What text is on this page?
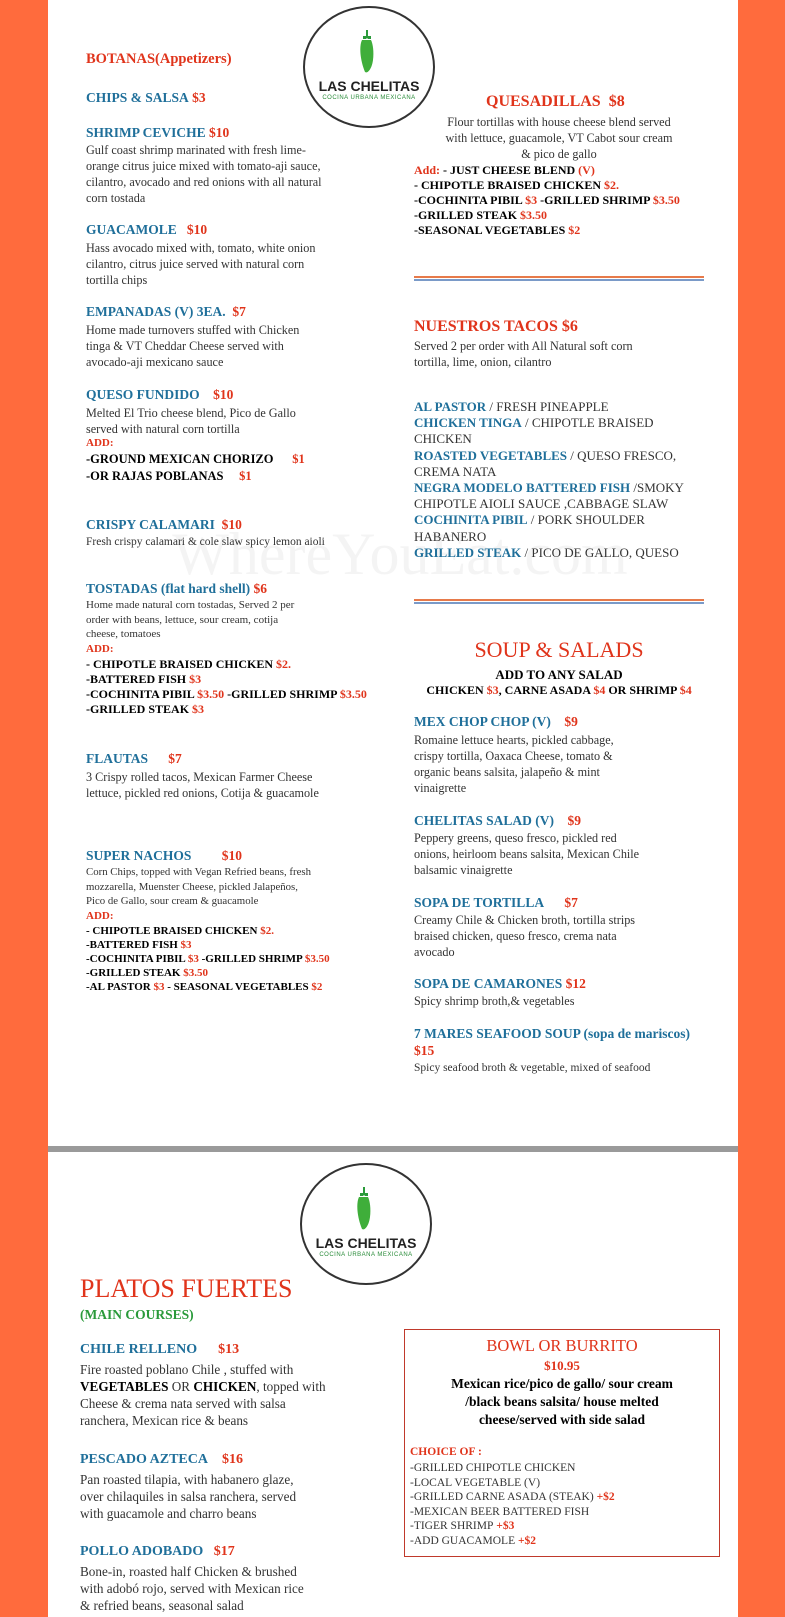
LAS CHELITAS
COCINA URBANA MEXICANA
BOTANAS(Appetizers)
CHIPS & SALSA $3
SHRIMP CEVICHE $10
Gulf coast shrimp marinated with fresh lime-
orange citrus juice mixed with tomato-aji sauce,
cilantro, avocado and red onions with all natural
corn tostada
GUACAMOLE $10
Hass avocado mixed with, tomato, white onion
cilantro, citrus juice served with natural corn
tortilla chips
EMPANADAS (V) 3EA. $7
Home made turnovers stuffed with Chicken
tinga & VT Cheddar Cheese served with
avocado-aji mexicano sauce
QUESO FUNDIDO $10
Melted El Trio cheese blend, Pico de Gallo
served with natural corn tortilla
ADD:
-GROUND MEXICAN CHORIZO $1
-OR RAJAS POBLANAS $1
CRISPY CALAMARI $10
Fresh crispy calamari & cole slaw spicy lemon aioli
TOSTADAS (flat hard shell) $6
Home made natural corn tostadas, Served 2 per
order with beans, lettuce, sour cream, cotija
cheese, tomatoes
ADD:
- CHIPOTLE BRAISED CHICKEN $2.
-BATTERED FISH $3
-COCHINITA PIBIL $3.50 -GRILLED SHRIMP $3.50
-GRILLED STEAK $3
FLAUTAS $7
3 Crispy rolled tacos, Mexican Farmer Cheese
lettuce, pickled red onions, Cotija & guacamole
SUPER NACHOS $10
Corn Chips, topped with Vegan Refried beans, fresh
mozzarella, Muenster Cheese, pickled Jalapeños,
Pico de Gallo, sour cream & guacamole
ADD:
- CHIPOTLE BRAISED CHICKEN $2.
-BATTERED FISH $3
-COCHINITA PIBIL $3 -GRILLED SHRIMP $3.50
-GRILLED STEAK $3.50
-AL PASTOR $3 - SEASONAL VEGETABLES $2
QUESADILLAS $8
Flour tortillas with house cheese blend served
with lettuce, guacamole, VT Cabot sour cream
& pico de gallo
Add: - JUST CHEESE BLEND (V)
- CHIPOTLE BRAISED CHICKEN $2.
-COCHINITA PIBIL $3 -GRILLED SHRIMP $3.50
-GRILLED STEAK $3.50
-SEASONAL VEGETABLES $2
NUESTROS TACOS $6
Served 2 per order with All Natural soft corn
tortilla, lime, onion, cilantro
AL PASTOR / FRESH PINEAPPLE
CHICKEN TINGA / CHIPOTLE BRAISED
CHICKEN
ROASTED VEGETABLES / QUESO FRESCO,
CREMA NATA
NEGRA MODELO BATTERED FISH /SMOKY
CHIPOTLE AIOLI SAUCE ,CABBAGE SLAW
COCHINITA PIBIL / PORK SHOULDER
HABANERO
GRILLED STEAK / PICO DE GALLO, QUESO
SOUP & SALADS
ADD TO ANY SALAD
CHICKEN $3, CARNE ASADA $4 OR SHRIMP $4
MEX CHOP CHOP (V) $9
Romaine lettuce hearts, pickled cabbage,
crispy tortilla, Oaxaca Cheese, tomato &
organic beans salsita, jalapeño & mint
vinaigrette
CHELITAS SALAD (V) $9
Peppery greens, queso fresco, pickled red
onions, heirloom beans salsita, Mexican Chile
balsamic vinaigrette
SOPA DE TORTILLA $7
Creamy Chile & Chicken broth, tortilla strips
braised chicken, queso fresco, crema nata
avocado
SOPA DE CAMARONES $12
Spicy shrimp broth,& vegetables
7 MARES SEAFOOD SOUP (sopa de mariscos)
$15
Spicy seafood broth & vegetable, mixed of seafood
LAS CHELITAS
COCINA URBANA MEXICANA
PLATOS FUERTES
(MAIN COURSES)
CHILE RELLENO $13
Fire roasted poblano Chile , stuffed with
VEGETABLES OR CHICKEN, topped with
Cheese & crema nata served with salsa
ranchera, Mexican rice & beans
PESCADO AZTECA $16
Pan roasted tilapia, with habanero glaze,
over chilaquiles in salsa ranchera, served
with guacamole and charro beans
POLLO ADOBADO $17
Bone-in, roasted half Chicken & brushed
with adobó rojo, served with Mexican rice
& refried beans, seasonal salad
BOWL OR BURRITO
$10.95
Mexican rice/pico de gallo/ sour cream
/black beans salsita/ house melted
cheese/served with side salad
CHOICE OF :
-GRILLED CHIPOTLE CHICKEN
-LOCAL VEGETABLE (V)
-GRILLED CARNE ASADA (STEAK) +$2
-MEXICAN BEER BATTERED FISH
-TIGER SHRIMP +$3
-ADD GUACAMOLE +$2
